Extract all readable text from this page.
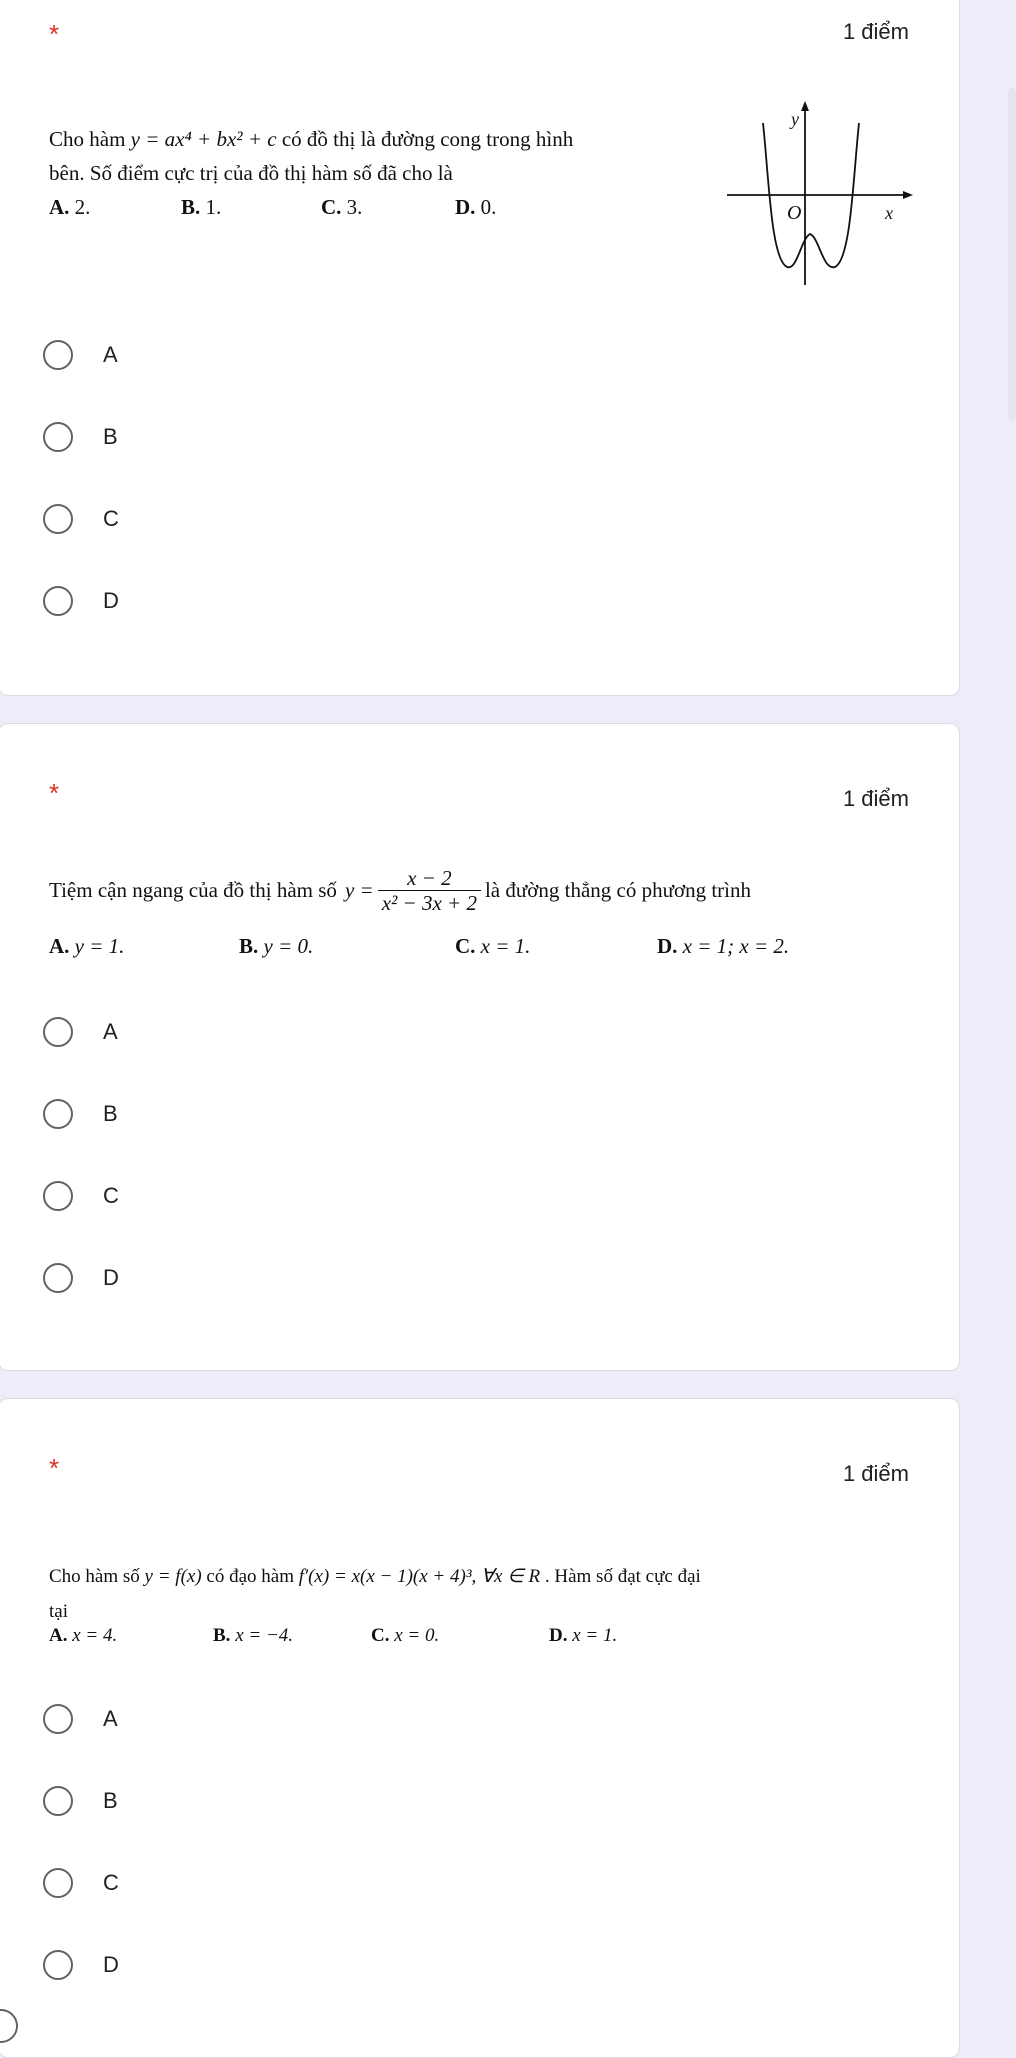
*	1 điểm
Cho hàm y = ax⁴ + bx² + c có đồ thị là đường cong trong hình
bên. Số điểm cực trị của đồ thị hàm số đã cho là
A. 2.	B. 1.	C. 3.	D. 0.
y
O	x
A
B
C
D
*	1 điểm
Tiệm cận ngang của đồ thị hàm số $y = \frac{x - 2}{\text{x² − 3x + 2}}$ là đường thẳng có phương trình
A. y = 1.	B. y = 0.	C. x = 1.	D. x = 1; x = 2.
A
B
C
D
*	1 điểm
Cho hàm số y = f(x) có đạo hàm f′(x) = x(x − 1)(x + 4)³, ∀x ∈ R . Hàm số đạt cực đại
tại
A. x = 4.	B. x = −4.	C. x = 0.	D. x = 1.
A
B
C
D
